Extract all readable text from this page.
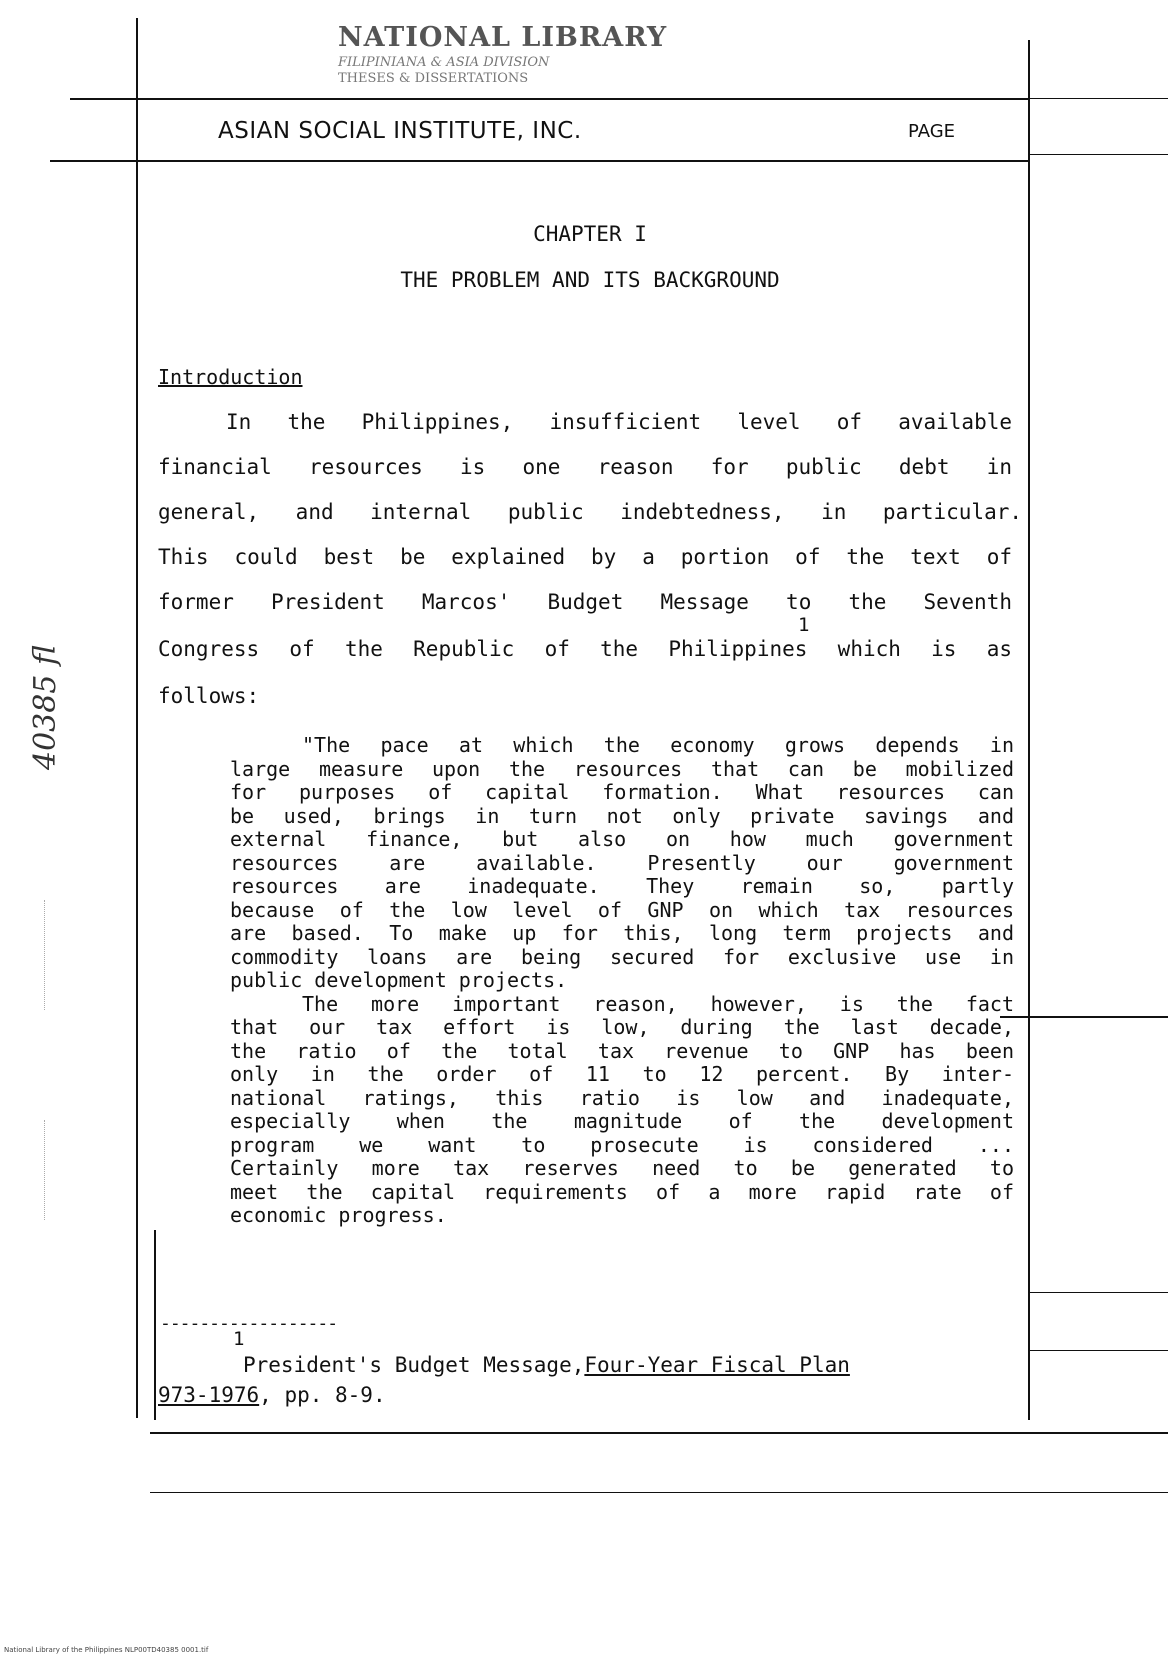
NATIONAL LIBRARY
FILIPINIANA & ASIA DIVISION
THESES & DISSERTATIONS
ASIAN SOCIAL INSTITUTE, INC.	PAGE
CHAPTER I
THE PROBLEM AND ITS BACKGROUND
Introduction
In the Philippines, insufficient level of available
financial resources is one reason for public debt in
general, and internal public indebtedness, in particular.
This could best be explained by a portion of the text of
former President Marcos' Budget Message to the Seventh
1
Congress of the Republic of the Philippines which is as
follows:

"The pace at which the economy grows depends in

large measure upon the resources that can be mobilized

for purposes of capital formation. What resources can

be used, brings in turn not only private savings and

external finance, but also on how much government

resources are available. Presently our government

resources are inadequate. They remain so, partly

because of the low level of GNP on which tax resources

are based. To make up for this, long term projects and

commodity loans are being secured for exclusive use in

public development projects.

The more important reason, however, is the fact

that our tax effort is low, during the last decade,

the ratio of the total tax revenue to GNP has been

only in the order of 11 to 12 percent. By inter-

national ratings, this ratio is low and inadequate,

especially when the magnitude of the development

program we want to prosecute is considered ...

Certainly more tax reserves need to be generated to

meet the capital requirements of a more rapid rate of

economic progress.

------------------
1
President's Budget Message,Four-Year Fiscal Plan
973-1976, pp. 8-9.
40385 fl
National Library of the Philippines NLP00TD40385 0001.tif
